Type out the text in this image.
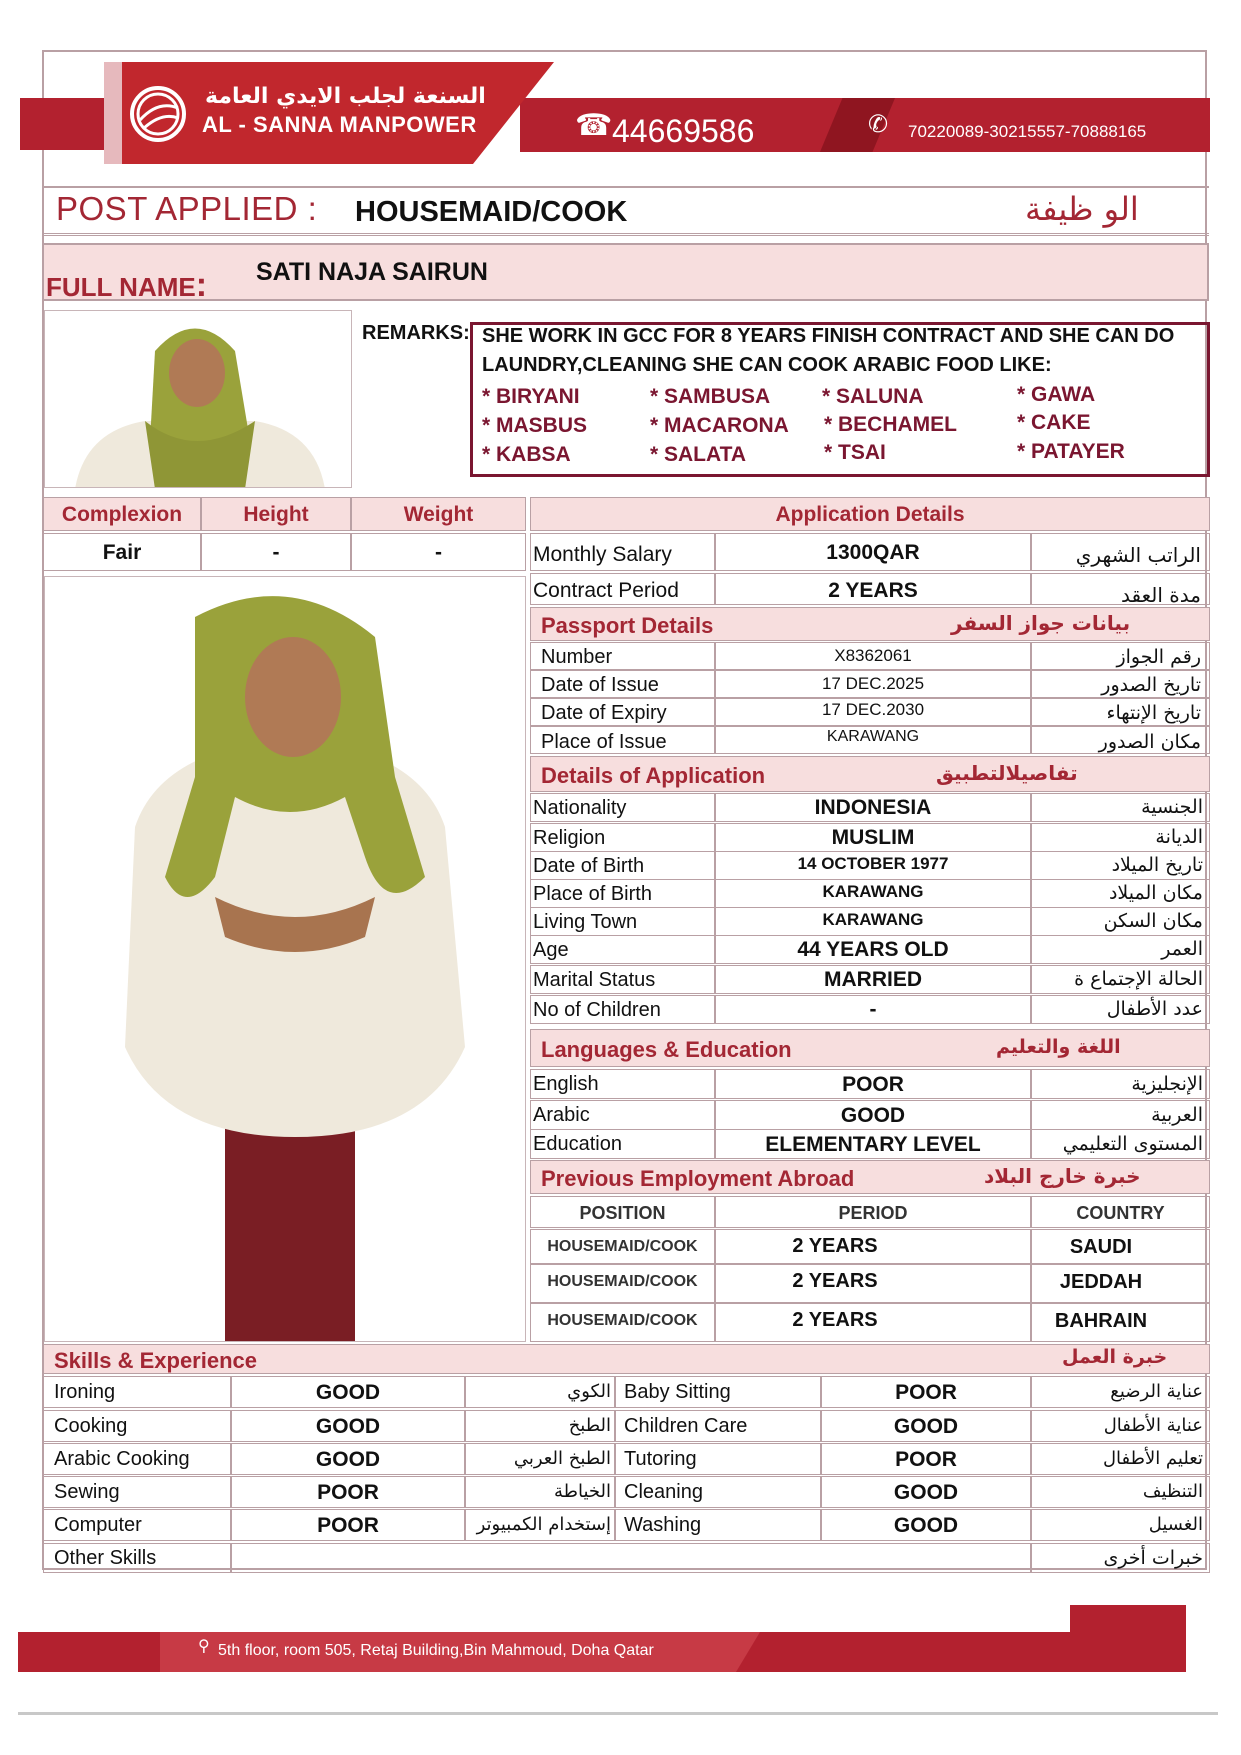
السنعة لجلب الايدي العامة
AL - SANNA MANPOWER	☎ 44669586	✆ 70220089-30215557-70888165
POST APPLIED : HOUSEMAID/COOK	الو ظيفة
FULL NAME: SATI NAJA SAIRUN
REMARKS: SHE WORK IN GCC FOR 8 YEARS FINISH CONTRACT AND SHE CAN DO
LAUNDRY,CLEANING SHE CAN COOK ARABIC FOOD LIKE:
* BIRYANI	* SAMBUSA * SALUNA	* GAWA
* MASBUS	* MACARONA * BECHAMEL	* CAKE
* KABSA	* SALATA	* TSAI	* PATAYER
Complexion	Height	Weight
Fair	-	-
Application Details
Monthly Salary	1300QAR	الراتب الشهري
Contract Period	2 YEARS	مدة العقد
Passport Details	بيانات جواز السفر
Number	X8362061	رقم الجواز
Date of Issue	17 DEC.2025	تاريخ الصدور
Date of Expiry	17 DEC.2030	تاريخ الإنتهاء
Place of Issue	KARAWANG	مكان الصدور
Details of Application	تفاصيلالتطبيق
Nationality	INDONESIA	الجنسية
Religion	MUSLIM	الديانة
Date of Birth	14 OCTOBER 1977	تاريخ الميلاد
Place of Birth	KARAWANG	مكان الميلاد
Living Town	KARAWANG	مكان السكن
Age	44 YEARS OLD	العمر
Marital Status	MARRIED	الحالة الإجتماع ة
No of Children	-	عدد الأطفال
Languages & Education	اللغة والتعليم
English	POOR	الإنجليزية
Arabic	GOOD	العربية
Education	ELEMENTARY LEVEL	المستوى التعليمي
Previous Employment Abroad	خبرة خارج البلاد
POSITION	PERIOD	COUNTRY
HOUSEMAID/COOK	2 YEARS	SAUDI
HOUSEMAID/COOK	2 YEARS	JEDDAH
HOUSEMAID/COOK	2 YEARS	BAHRAIN
Skills & Experience	خبرة العمل
Ironing	GOOD	الكوي
Cooking	GOOD	الطبخ
Arabic Cooking	GOOD	الطبخ العربي
Sewing	POOR	الخياطة
Computer	POOR	إستخدام الكمبيوتر
Baby Sitting	POOR	عناية الرضيع
Children Care	GOOD	عناية الأطفال
Tutoring	POOR	تعليم الأطفال
Cleaning	GOOD	التنظيف
Washing	GOOD	الغسيل
Other Skills	خبرات أخرى
⚲ 5th floor, room 505, Retaj Building,Bin Mahmoud, Doha Qatar
